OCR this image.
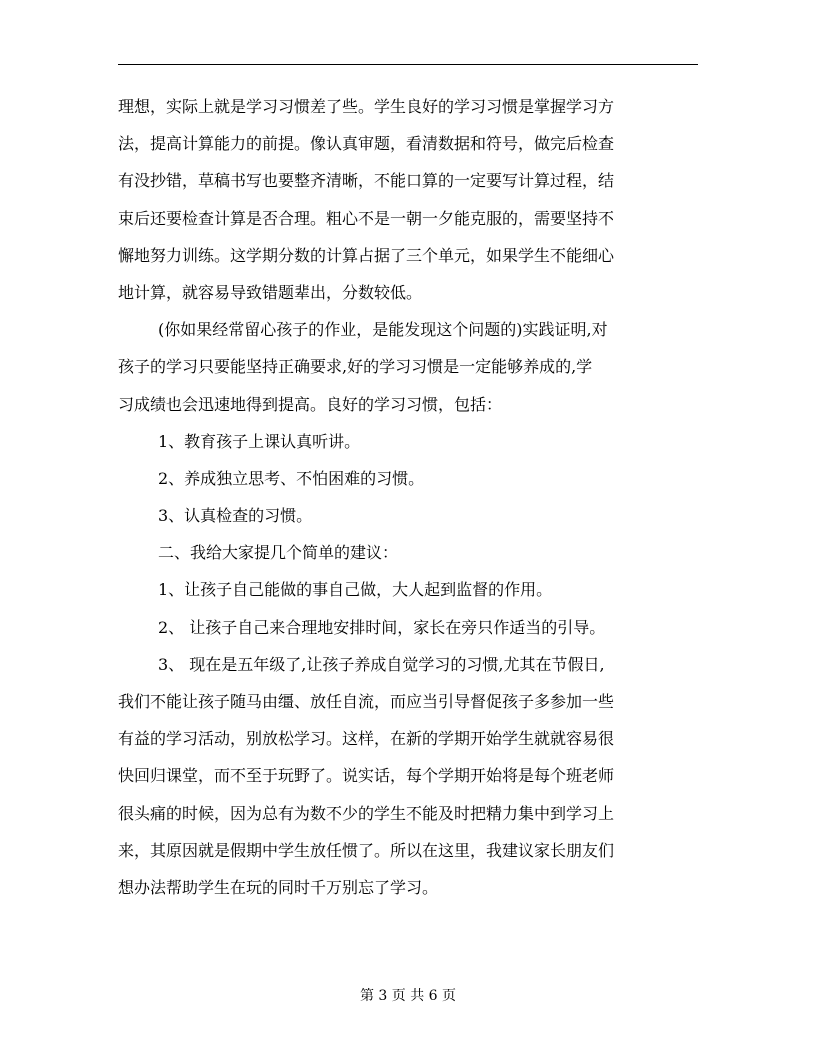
理想，实际上就是学习习惯差了些。学生良好的学习习惯是掌握学习方
法，提高计算能力的前提。像认真审题，看清数据和符号，做完后检查
有没抄错，草稿书写也要整齐清晰，不能口算的一定要写计算过程，结
束后还要检查计算是否合理。粗心不是一朝一夕能克服的，需要坚持不
懈地努力训练。这学期分数的计算占据了三个单元，如果学生不能细心
地计算，就容易导致错题辈出，分数较低。
(你如果经常留心孩子的作业，是能发现这个问题的)实践证明,对
孩子的学习只要能坚持正确要求,好的学习习惯是一定能够养成的,学
习成绩也会迅速地得到提高。良好的学习习惯，包括：
1、教育孩子上课认真听讲。
2、养成独立思考、不怕困难的习惯。
3、认真检查的习惯。
二、我给大家提几个简单的建议：
1、让孩子自己能做的事自己做，大人起到监督的作用。
2、 让孩子自己来合理地安排时间，家长在旁只作适当的引导。
3、 现在是五年级了,让孩子养成自觉学习的习惯,尤其在节假日,
我们不能让孩子随马由缰、放任自流，而应当引导督促孩子多参加一些
有益的学习活动，别放松学习。这样，在新的学期开始学生就就容易很
快回归课堂，而不至于玩野了。说实话，每个学期开始将是每个班老师
很头痛的时候，因为总有为数不少的学生不能及时把精力集中到学习上
来，其原因就是假期中学生放任惯了。所以在这里，我建议家长朋友们
想办法帮助学生在玩的同时千万别忘了学习。
第 3 页 共 6 页
